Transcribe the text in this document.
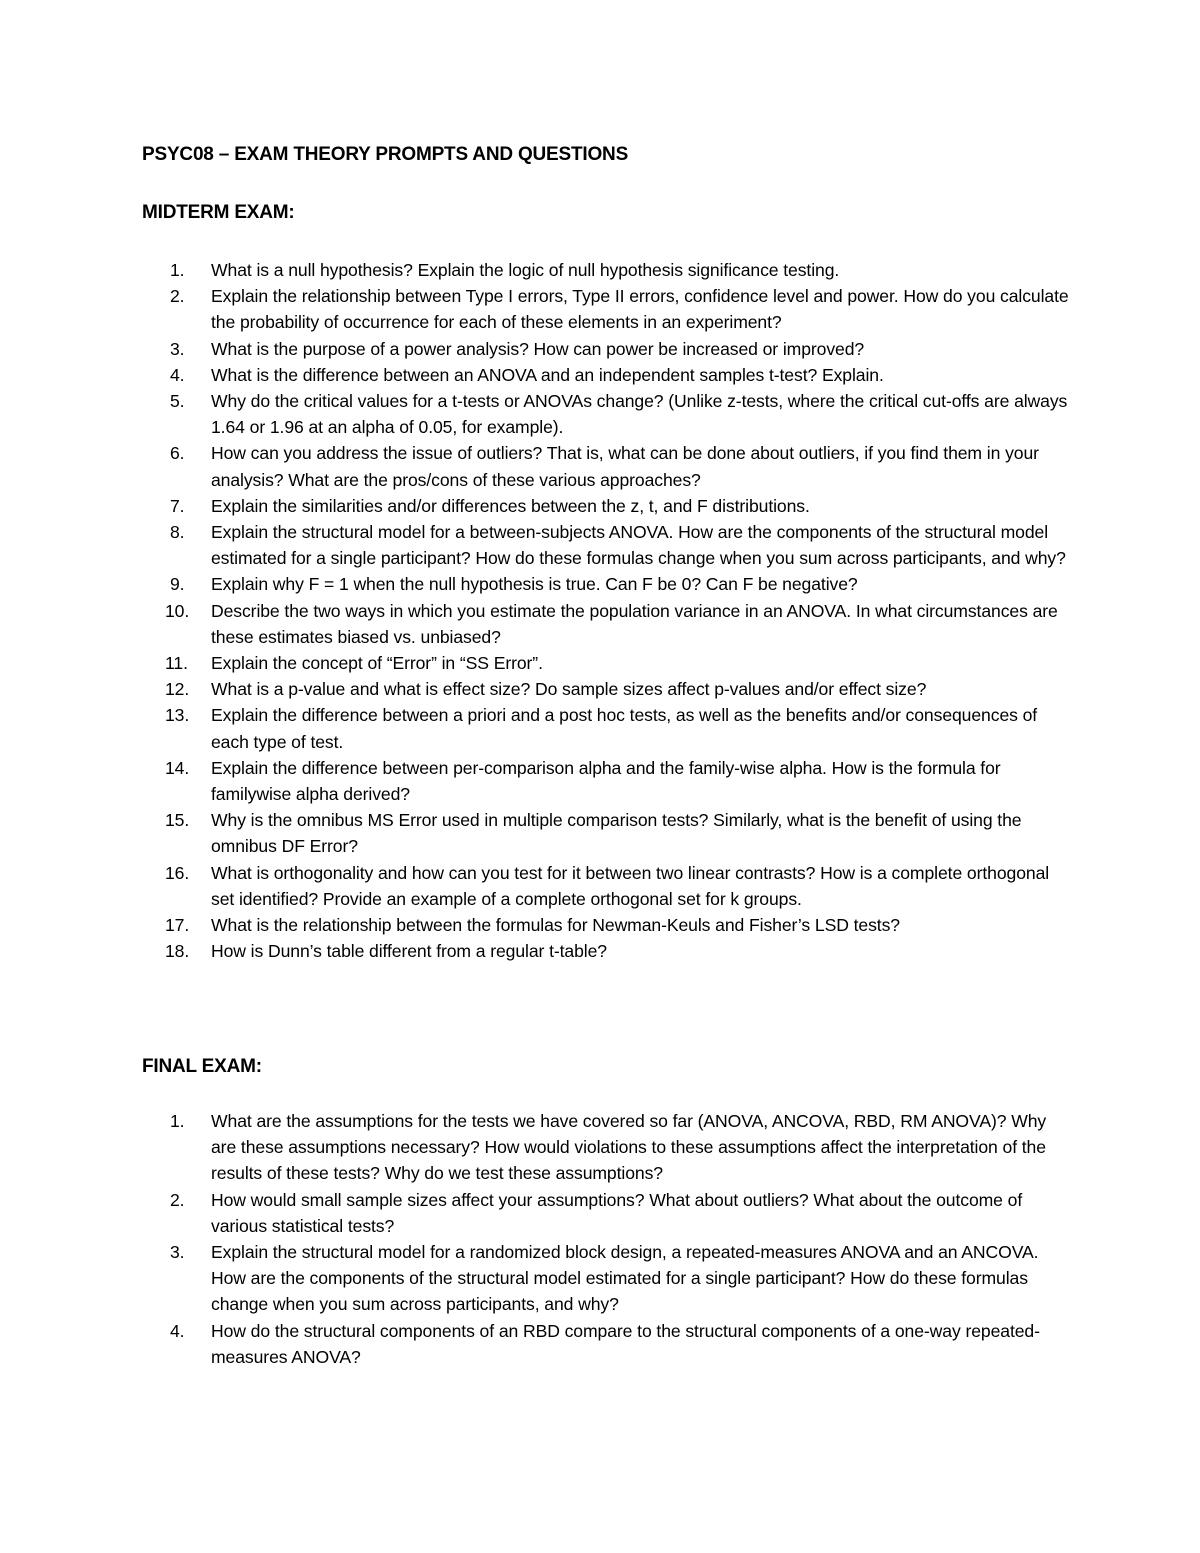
PSYC08 – EXAM THEORY PROMPTS AND QUESTIONS
MIDTERM EXAM:
1. What is a null hypothesis? Explain the logic of null hypothesis significance testing.
2. Explain the relationship between Type I errors, Type II errors, confidence level and power. How do you calculate the probability of occurrence for each of these elements in an experiment?
3. What is the purpose of a power analysis? How can power be increased or improved?
4. What is the difference between an ANOVA and an independent samples t-test? Explain.
5. Why do the critical values for a t-tests or ANOVAs change? (Unlike z-tests, where the critical cut-offs are always 1.64 or 1.96 at an alpha of 0.05, for example).
6. How can you address the issue of outliers? That is, what can be done about outliers, if you find them in your analysis? What are the pros/cons of these various approaches?
7. Explain the similarities and/or differences between the z, t, and F distributions.
8. Explain the structural model for a between-subjects ANOVA. How are the components of the structural model estimated for a single participant? How do these formulas change when you sum across participants, and why?
9. Explain why F = 1 when the null hypothesis is true. Can F be 0? Can F be negative?
10. Describe the two ways in which you estimate the population variance in an ANOVA. In what circumstances are these estimates biased vs. unbiased?
11. Explain the concept of “Error” in “SS Error”.
12. What is a p-value and what is effect size? Do sample sizes affect p-values and/or effect size?
13. Explain the difference between a priori and a post hoc tests, as well as the benefits and/or consequences of each type of test.
14. Explain the difference between per-comparison alpha and the family-wise alpha. How is the formula for familywise alpha derived?
15. Why is the omnibus MS Error used in multiple comparison tests? Similarly, what is the benefit of using the omnibus DF Error?
16. What is orthogonality and how can you test for it between two linear contrasts? How is a complete orthogonal set identified? Provide an example of a complete orthogonal set for k groups.
17. What is the relationship between the formulas for Newman-Keuls and Fisher’s LSD tests?
18. How is Dunn’s table different from a regular t-table?
FINAL EXAM:
1. What are the assumptions for the tests we have covered so far (ANOVA, ANCOVA, RBD, RM ANOVA)? Why are these assumptions necessary? How would violations to these assumptions affect the interpretation of the results of these tests? Why do we test these assumptions?
2. How would small sample sizes affect your assumptions? What about outliers? What about the outcome of various statistical tests?
3. Explain the structural model for a randomized block design, a repeated-measures ANOVA and an ANCOVA. How are the components of the structural model estimated for a single participant? How do these formulas change when you sum across participants, and why?
4. How do the structural components of an RBD compare to the structural components of a one-way repeated-measures ANOVA?
